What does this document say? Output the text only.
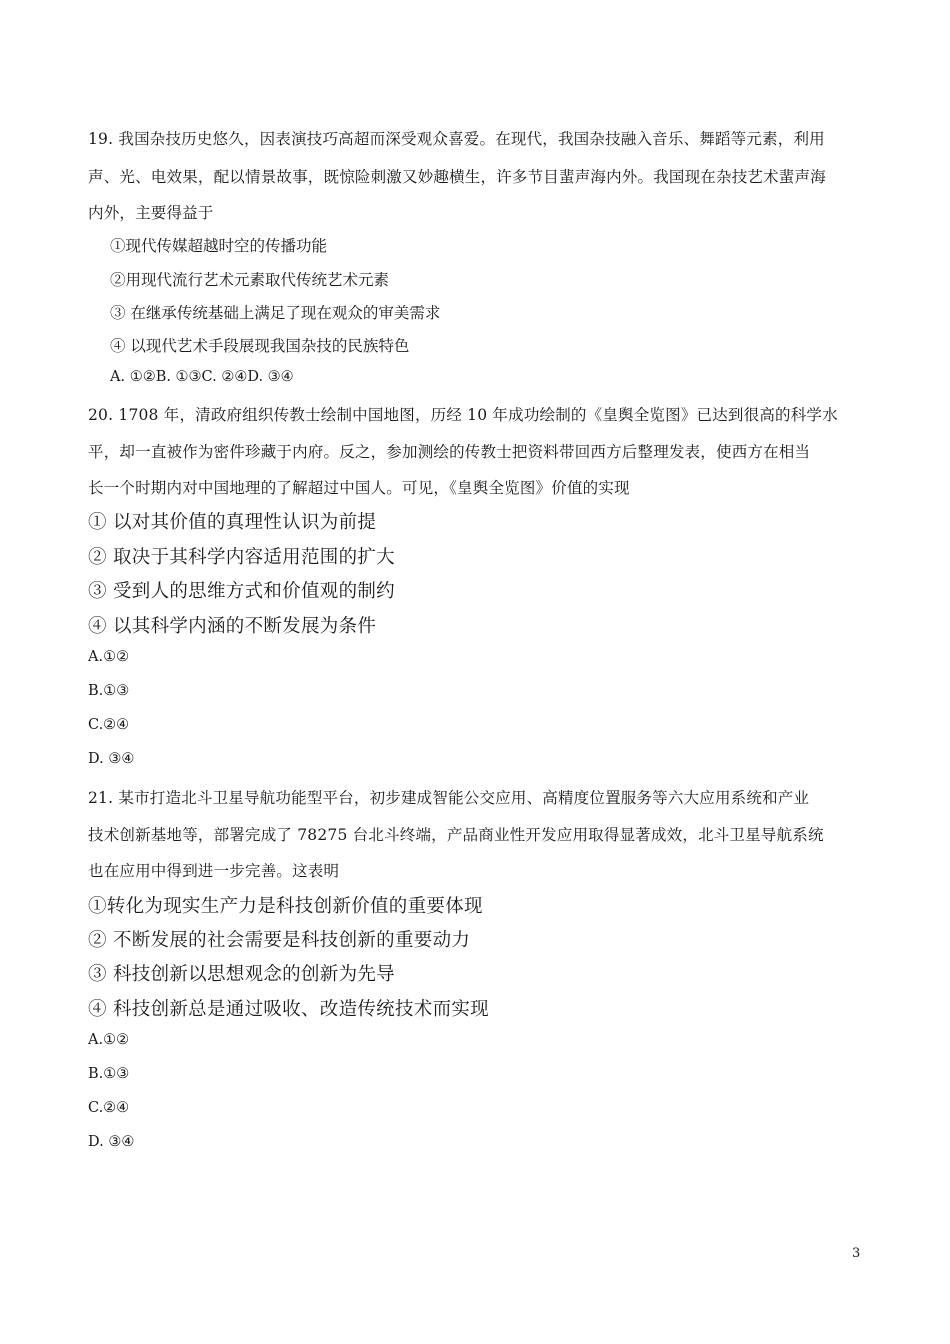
19. 我国杂技历史悠久，因表演技巧高超而深受观众喜爱。在现代，我国杂技融入音乐、舞蹈等元素，利用

声、光、电效果，配以情景故事，既惊险刺激又妙趣横生，许多节目蜚声海内外。我国现在杂技艺术蜚声海

内外，主要得益于

①现代传媒超越时空的传播功能

②用现代流行艺术元素取代传统艺术元素

③ 在继承传统基础上满足了现在观众的审美需求

④ 以现代艺术手段展现我国杂技的民族特色

A. ①②B. ①③C. ②④D. ③④

20. 1708 年，清政府组织传教士绘制中国地图，历经 10 年成功绘制的《皇舆全览图》已达到很高的科学水

平，却一直被作为密件珍藏于内府。反之，参加测绘的传教士把资料带回西方后整理发表，使西方在相当

长一个时期内对中国地理的了解超过中国人。可见，《皇舆全览图》价值的实现

① 以对其价值的真理性认识为前提

② 取决于其科学内容适用范围的扩大

③ 受到人的思维方式和价值观的制约

④ 以其科学内涵的不断发展为条件

A.①②

B.①③

C.②④

D. ③④

21. 某市打造北斗卫星导航功能型平台，初步建成智能公交应用、高精度位置服务等六大应用系统和产业

技术创新基地等，部署完成了 78275 台北斗终端，产品商业性开发应用取得显著成效，北斗卫星导航系统

也在应用中得到进一步完善。这表明

①转化为现实生产力是科技创新价值的重要体现

② 不断发展的社会需要是科技创新的重要动力

③ 科技创新以思想观念的创新为先导

④ 科技创新总是通过吸收、改造传统技术而实现

A.①②

B.①③

C.②④

D. ③④

3
